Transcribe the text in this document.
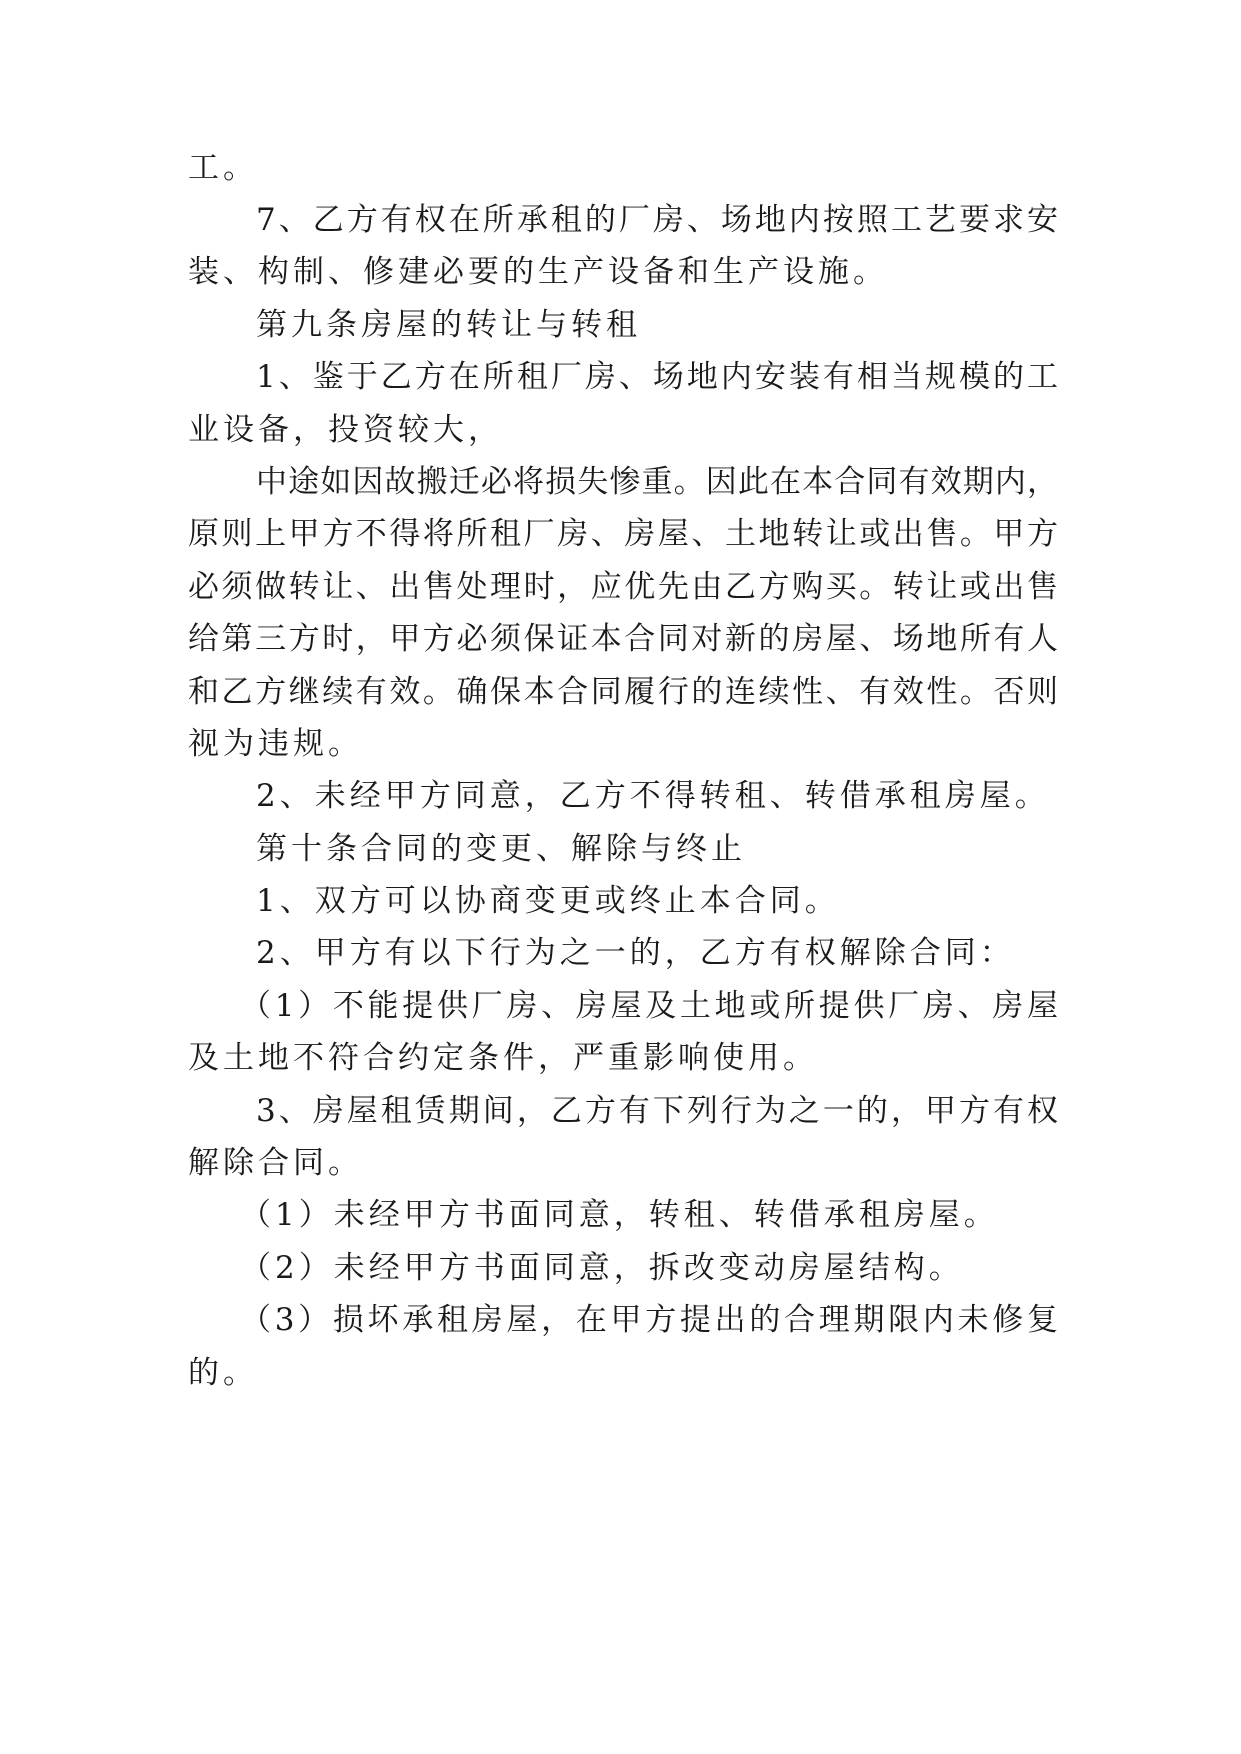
工。
7、乙方有权在所承租的厂房、场地内按照工艺要求安
装、构制、修建必要的生产设备和生产设施。
第九条房屋的转让与转租
1、鉴于乙方在所租厂房、场地内安装有相当规模的工
业设备，投资较大，
中途如因故搬迁必将损失惨重。因此在本合同有效期内，
原则上甲方不得将所租厂房、房屋、土地转让或出售。甲方
必须做转让、出售处理时，应优先由乙方购买。转让或出售
给第三方时，甲方必须保证本合同对新的房屋、场地所有人
和乙方继续有效。确保本合同履行的连续性、有效性。否则
视为违规。
2、未经甲方同意，乙方不得转租、转借承租房屋。
第十条合同的变更、解除与终止
1、双方可以协商变更或终止本合同。
2、甲方有以下行为之一的，乙方有权解除合同：
（1）不能提供厂房、房屋及土地或所提供厂房、房屋
及土地不符合约定条件，严重影响使用。
3、房屋租赁期间，乙方有下列行为之一的，甲方有权
解除合同。
（1）未经甲方书面同意，转租、转借承租房屋。
（2）未经甲方书面同意，拆改变动房屋结构。
（3）损坏承租房屋，在甲方提出的合理期限内未修复
的。
